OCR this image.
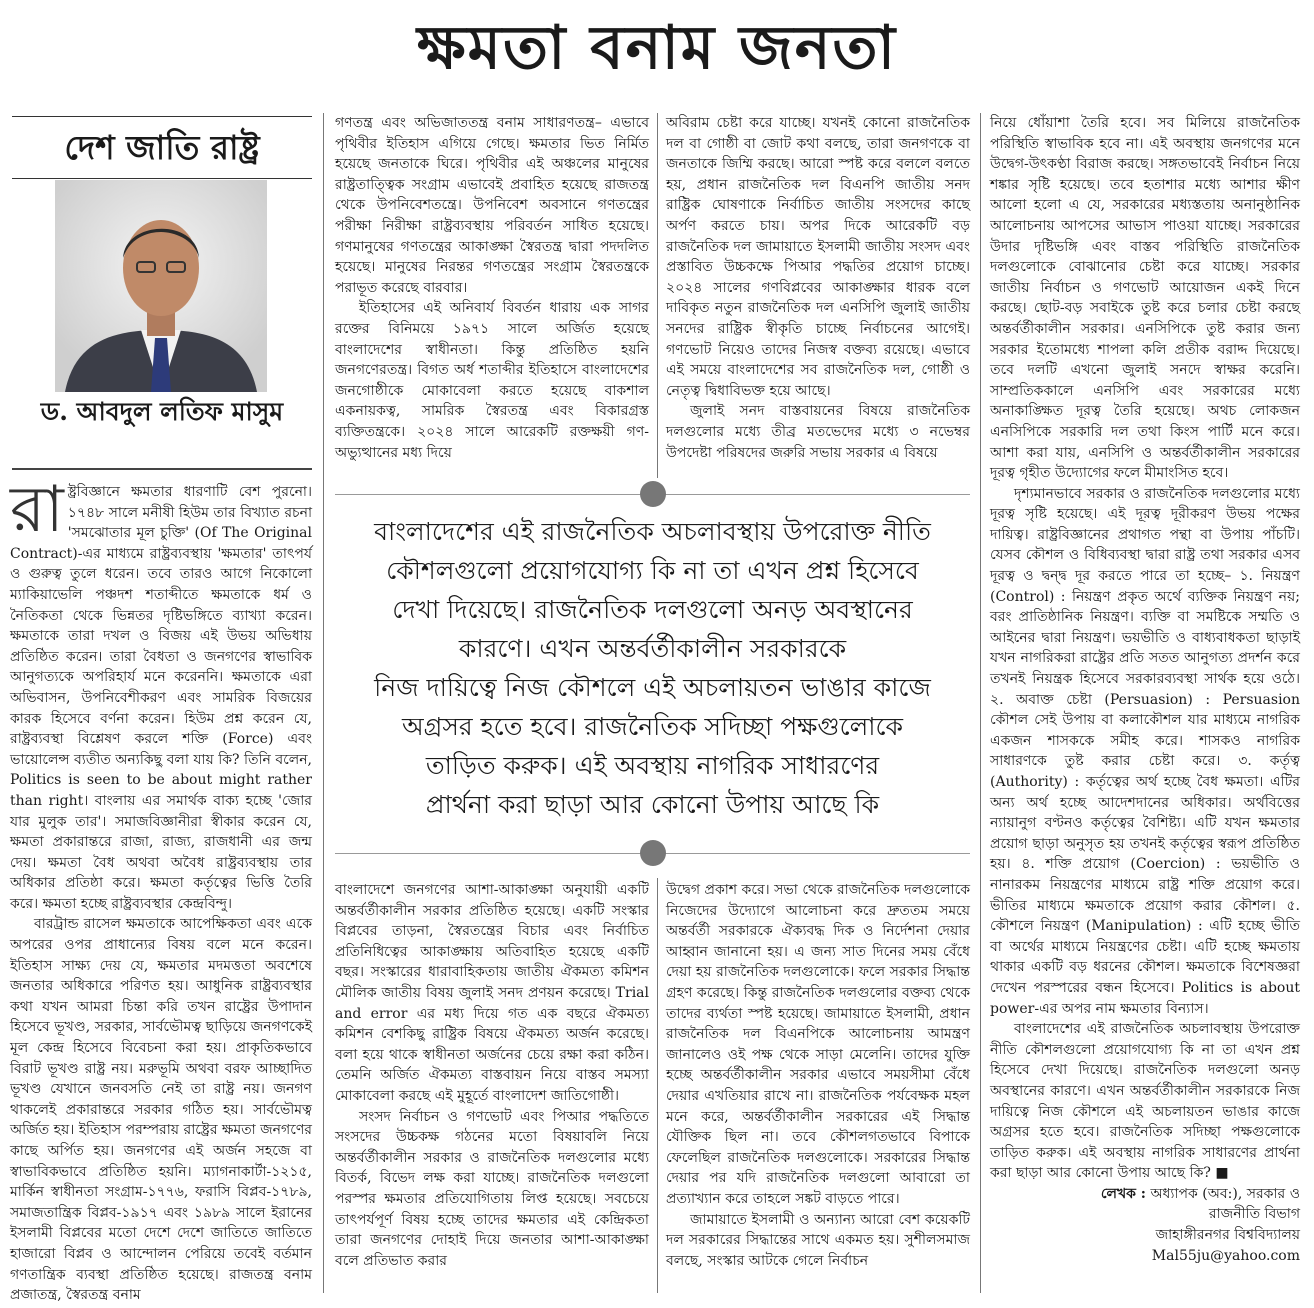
ক্ষমতা বনাম জনতা
দেশ জাতি রাষ্ট্র
ড. আবদুল লতিফ মাসুম

রাষ্ট্রবিজ্ঞানে ক্ষমতার ধারণাটি বেশ পুরনো। ১৭৪৮ সালে মনীষী হিউম তার বিখ্যাত রচনা 'সমঝোতার মূল চুক্তি' (Of The Original Contract)-এর মাধ্যমে রাষ্ট্রব্যবস্থায় 'ক্ষমতার' তাৎপর্য ও গুরুত্ব তুলে ধরেন। তবে তারও আগে নিকোলো ম্যাকিয়াভেলি পঞ্চদশ শতাব্দীতে ক্ষমতাকে ধর্ম ও নৈতিকতা থেকে ভিন্নতর দৃষ্টিভঙ্গিতে ব্যাখ্যা করেন। ক্ষমতাকে তারা দখল ও বিজয় এই উভয় অভিধায় প্রতিষ্ঠিত করেন। তারা বৈধতা ও জনগণের স্বাভাবিক আনুগত্যকে অপরিহার্য মনে করেননি। ক্ষমতাকে এরা অভিবাসন, উপনিবেশীকরণ এবং সামরিক বিজয়ের কারক হিসেবে বর্ণনা করেন। হিউম প্রশ্ন করেন যে, রাষ্ট্রব্যবস্থা বিশ্লেষণ করলে শক্তি (Force) এবং ভায়োলেন্স ব্যতীত অন্যকিছু বলা যায় কি? তিনি বলেন, Politics is seen to be about might rather than right। বাংলায় এর সমার্থক বাক্য হচ্ছে 'জোর যার মুলুক তার'। সমাজবিজ্ঞানীরা স্বীকার করেন যে, ক্ষমতা প্রকারান্তরে রাজা, রাজ্য, রাজধানী এর জন্ম দেয়। ক্ষমতা বৈধ অথবা অবৈধ রাষ্ট্রব্যবস্থায় তার অধিকার প্রতিষ্ঠা করে। ক্ষমতা কর্তৃত্বের ভিত্তি তৈরি করে। ক্ষমতা হচ্ছে রাষ্ট্রব্যবস্থার কেন্দ্রবিন্দু।

বারট্রান্ড রাসেল ক্ষমতাকে আপেক্ষিকতা এবং একে অপরের ওপর প্রাধান্যের বিষয় বলে মনে করেন। ইতিহাস সাক্ষ্য দেয় যে, ক্ষমতার মদমত্ততা অবশেষে জনতার অধিকারে পরিণত হয়। আধুনিক রাষ্ট্রব্যবস্থার কথা যখন আমরা চিন্তা করি তখন রাষ্ট্রের উপাদান হিসেবে ভূখণ্ড, সরকার, সার্বভৌমত্ব ছাড়িয়ে জনগণকেই মূল কেন্দ্র হিসেবে বিবেচনা করা হয়। প্রাকৃতিকভাবে বিরাট ভূখণ্ড রাষ্ট্র নয়। মরুভূমি অথবা বরফ আচ্ছাদিত ভূখণ্ড যেখানে জনবসতি নেই তা রাষ্ট্র নয়। জনগণ থাকলেই প্রকারান্তরে সরকার গঠিত হয়। সার্বভৌমত্ব অর্জিত হয়। ইতিহাস পরম্পরায় রাষ্ট্রের ক্ষমতা জনগণের কাছে অর্পিত হয়। জনগণের এই অর্জন সহজে বা স্বাভাবিকভাবে প্রতিষ্ঠিত হয়নি। ম্যাগনাকার্টা-১২১৫, মার্কিন স্বাধীনতা সংগ্রাম-১৭৭৬, ফরাসি বিপ্লব-১৭৮৯, সমাজতান্ত্রিক বিপ্লব-১৯১৭ এবং ১৯৮৯ সালে ইরানের ইসলামী বিপ্লবের মতো দেশে দেশে জাতিতে জাতিতে হাজারো বিপ্লব ও আন্দোলন পেরিয়ে তবেই বর্তমান গণতান্ত্রিক ব্যবস্থা প্রতিষ্ঠিত হয়েছে। রাজতন্ত্র বনাম প্রজাতন্ত্র, স্বৈরতন্ত্র বনাম

গণতন্ত্র এবং অভিজাততন্ত্র বনাম সাধারণতন্ত্র– এভাবে পৃথিবীর ইতিহাস এগিয়ে গেছে। ক্ষমতার ভিত নির্মিত হয়েছে জনতাকে ঘিরে। পৃথিবীর এই অঞ্চলের মানুষের রাষ্ট্রতাত্ত্বিক সংগ্রাম এভাবেই প্রবাহিত হয়েছে রাজতন্ত্র থেকে উপনিবেশতন্ত্রে। উপনিবেশ অবসানে গণতন্ত্রের পরীক্ষা নিরীক্ষা রাষ্ট্রব্যবস্থায় পরিবর্তন সাধিত হয়েছে। গণমানুষের গণতন্ত্রের আকাঙ্ক্ষা স্বৈরতন্ত্র দ্বারা পদদলিত হয়েছে। মানুষের নিরন্তর গণতন্ত্রের সংগ্রাম স্বৈরতন্ত্রকে পরাভূত করেছে বারবার।

ইতিহাসের এই অনিবার্য বিবর্তন ধারায় এক সাগর রক্তের বিনিময়ে ১৯৭১ সালে অর্জিত হয়েছে বাংলাদেশের স্বাধীনতা। কিন্তু প্রতিষ্ঠিত হয়নি জনগণেরতন্ত্র। বিগত অর্ধ শতাব্দীর ইতিহাসে বাংলাদেশের জনগোষ্ঠীকে মোকাবেলা করতে হয়েছে বাকশাল একনায়কত্ব, সামরিক স্বৈরতন্ত্র এবং বিকারগ্রস্ত ব্যক্তিতন্ত্রকে। ২০২৪ সালে আরেকটি রক্তক্ষয়ী গণ-অভ্যুত্থানের মধ্য দিয়ে

অবিরাম চেষ্টা করে যাচ্ছে। যখনই কোনো রাজনৈতিক দল বা গোষ্ঠী বা জোট কথা বলছে, তারা জনগণকে বা জনতাকে জিম্মি করছে। আরো স্পষ্ট করে বললে বলতে হয়, প্রধান রাজনৈতিক দল বিএনপি জাতীয় সনদ রাষ্ট্রিক ঘোষণাকে নির্বাচিত জাতীয় সংসদের কাছে অর্পণ করতে চায়। অপর দিকে আরেকটি বড় রাজনৈতিক দল জামায়াতে ইসলামী জাতীয় সংসদ এবং প্রস্তাবিত উচ্চকক্ষে পিআর পদ্ধতির প্রয়োগ চাচ্ছে। ২০২৪ সালের গণবিপ্লবের আকাঙ্ক্ষার ধারক বলে দাবিকৃত নতুন রাজনৈতিক দল এনসিপি জুলাই জাতীয় সনদের রাষ্ট্রিক স্বীকৃতি চাচ্ছে নির্বাচনের আগেই। গণভোট নিয়েও তাদের নিজস্ব বক্তব্য রয়েছে। এভাবে এই সময়ে বাংলাদেশের সব রাজনৈতিক দল, গোষ্ঠী ও নেতৃত্ব দ্বিধাবিভক্ত হয়ে আছে।

জুলাই সনদ বাস্তবায়নের বিষয়ে রাজনৈতিক দলগুলোর মধ্যে তীব্র মতভেদের মধ্যে ৩ নভেম্বর উপদেষ্টা পরিষদের জরুরি সভায় সরকার এ বিষয়ে

বাংলাদেশের এই রাজনৈতিক অচলাবস্থায় উপরোক্ত নীতি
কৌশলগুলো প্রয়োগযোগ্য কি না তা এখন প্রশ্ন হিসেবে
দেখা দিয়েছে। রাজনৈতিক দলগুলো অনড় অবস্থানের
কারণে। এখন অন্তর্বর্তীকালীন সরকারকে
নিজ দায়িত্বে নিজ কৌশলে এই অচলায়তন ভাঙার কাজে
অগ্রসর হতে হবে। রাজনৈতিক সদিচ্ছা পক্ষগুলোকে
তাড়িত করুক। এই অবস্থায় নাগরিক সাধারণের
প্রার্থনা করা ছাড়া আর কোনো উপায় আছে কি

বাংলাদেশে জনগণের আশা-আকাঙ্ক্ষা অনুযায়ী একটি অন্তর্বর্তীকালীন সরকার প্রতিষ্ঠিত হয়েছে। একটি সংস্কার বিপ্লবের তাড়না, স্বৈরতন্ত্রের বিচার এবং নির্বাচিত প্রতিনিধিত্বের আকাঙ্ক্ষায় অতিবাহিত হয়েছে একটি বছর। সংস্কারের ধারাবাহিকতায় জাতীয় ঐকমত্য কমিশন মৌলিক জাতীয় বিষয় জুলাই সনদ প্রণয়ন করেছে। Trial and error এর মধ্য দিয়ে গত এক বছরে ঐকমত্য কমিশন বেশকিছু রাষ্ট্রিক বিষয়ে ঐকমত্য অর্জন করেছে। বলা হয়ে থাকে স্বাধীনতা অর্জনের চেয়ে রক্ষা করা কঠিন। তেমনি অর্জিত ঐকমত্য বাস্তবায়ন নিয়ে বাস্তব সমস্যা মোকাবেলা করছে এই মুহূর্তে বাংলাদেশ জাতিগোষ্ঠী।

সংসদ নির্বাচন ও গণভোট এবং পিআর পদ্ধতিতে সংসদের উচ্চকক্ষ গঠনের মতো বিষয়াবলি নিয়ে অন্তর্বর্তীকালীন সরকার ও রাজনৈতিক দলগুলোর মধ্যে বিতর্ক, বিভেদ লক্ষ করা যাচ্ছে। রাজনৈতিক দলগুলো পরস্পর ক্ষমতার প্রতিযোগিতায় লিপ্ত হয়েছে। সবচেয়ে তাৎপর্যপূর্ণ বিষয় হচ্ছে তাদের ক্ষমতার এই কেন্দ্রিকতা তারা জনগণের দোহাই দিয়ে জনতার আশা-আকাঙ্ক্ষা বলে প্রতিভাত করার

উদ্বেগ প্রকাশ করে। সভা থেকে রাজনৈতিক দলগুলোকে নিজেদের উদ্যোগে আলোচনা করে দ্রুততম সময়ে অন্তর্বর্তী সরকারকে ঐক্যবদ্ধ দিক ও নির্দেশনা দেয়ার আহ্বান জানানো হয়। এ জন্য সাত দিনের সময় বেঁধে দেয়া হয় রাজনৈতিক দলগুলোকে। ফলে সরকার সিদ্ধান্ত গ্রহণ করেছে। কিন্তু রাজনৈতিক দলগুলোর বক্তব্য থেকে তাদের ব্যর্থতা স্পষ্ট হয়েছে। জামায়াতে ইসলামী, প্রধান রাজনৈতিক দল বিএনপিকে আলোচনায় আমন্ত্রণ জানালেও ওই পক্ষ থেকে সাড়া মেলেনি। তাদের যুক্তি হচ্ছে অন্তর্বর্তীকালীন সরকার এভাবে সময়সীমা বেঁধে দেয়ার এখতিয়ার রাখে না। রাজনৈতিক পর্যবেক্ষক মহল মনে করে, অন্তর্বর্তীকালীন সরকারের এই সিদ্ধান্ত যৌক্তিক ছিল না। তবে কৌশলগতভাবে বিপাকে ফেলেছিল রাজনৈতিক দলগুলোকে। সরকারের সিদ্ধান্ত দেয়ার পর যদি রাজনৈতিক দলগুলো আবারো তা প্রত্যাখ্যান করে তাহলে সঙ্কট বাড়তে পারে।

জামায়াতে ইসলামী ও অন্যান্য আরো বেশ কয়েকটি দল সরকারের সিদ্ধান্তের সাথে একমত হয়। সুশীলসমাজ বলছে, সংস্কার আটকে গেলে নির্বাচন

নিয়ে ধোঁয়াশা তৈরি হবে। সব মিলিয়ে রাজনৈতিক পরিস্থিতি স্বাভাবিক হবে না। এই অবস্থায় জনগণের মনে উদ্বেগ-উৎকণ্ঠা বিরাজ করছে। সঙ্গতভাবেই নির্বাচন নিয়ে শঙ্কার সৃষ্টি হয়েছে। তবে হতাশার মধ্যে আশার ক্ষীণ আলো হলো এ যে, সরকারের মধ্যস্ততায় অনানুষ্ঠানিক আলোচনায় আপসের আভাস পাওয়া যাচ্ছে। সরকারের উদার দৃষ্টিভঙ্গি এবং বাস্তব পরিস্থিতি রাজনৈতিক দলগুলোকে বোঝানোর চেষ্টা করে যাচ্ছে। সরকার জাতীয় নির্বাচন ও গণভোট আয়োজন একই দিনে করছে। ছোট-বড় সবাইকে তুষ্ট করে চলার চেষ্টা করছে অন্তর্বর্তীকালীন সরকার। এনসিপিকে তুষ্ট করার জন্য সরকার ইতোমধ্যে শাপলা কলি প্রতীক বরাদ্দ দিয়েছে। তবে দলটি এখনো জুলাই সনদে স্বাক্ষর করেনি। সাম্প্রতিককালে এনসিপি এবং সরকারের মধ্যে অনাকাঙ্ক্ষিত দূরত্ব তৈরি হয়েছে। অথচ লোকজন এনসিপিকে সরকারি দল তথা কিংস পার্টি মনে করে। আশা করা যায়, এনসিপি ও অন্তর্বর্তীকালীন সরকারের দূরত্ব গৃহীত উদ্যোগের ফলে মীমাংসিত হবে।

দৃশ্যমানভাবে সরকার ও রাজনৈতিক দলগুলোর মধ্যে দূরত্ব সৃষ্টি হয়েছে। এই দূরত্ব দূরীকরণ উভয় পক্ষের দায়িত্ব। রাষ্ট্রবিজ্ঞানের প্রথাগত পন্থা বা উপায় পাঁচটি। যেসব কৌশল ও বিধিব্যবস্থা দ্বারা রাষ্ট্র তথা সরকার এসব দূরত্ব ও দ্বন্দ্ব দূর করতে পারে তা হচ্ছে– ১. নিয়ন্ত্রণ (Control) : নিয়ন্ত্রণ প্রকৃত অর্থে ব্যক্তিক নিয়ন্ত্রণ নয়; বরং প্রাতিষ্ঠানিক নিয়ন্ত্রণ। ব্যক্তি বা সমষ্টিকে সম্মতি ও আইনের দ্বারা নিয়ন্ত্রণ। ভয়ভীতি ও বাধ্যবাধকতা ছাড়াই যখন নাগরিকরা রাষ্ট্রের প্রতি সতত আনুগত্য প্রদর্শন করে তখনই নিয়ন্ত্রক হিসেবে সরকারব্যবস্থা সার্থক হয়ে ওঠে। ২. অবাক্ত চেষ্টা (Persuasion) : Persuasion কৌশল সেই উপায় বা কলাকৌশল যার মাধ্যমে নাগরিক একজন শাসককে সমীহ করে। শাসকও নাগরিক সাধারণকে তুষ্ট করার চেষ্টা করে। ৩. কর্তৃত্ব (Authority) : কর্তৃত্বের অর্থ হচ্ছে বৈধ ক্ষমতা। এটির অন্য অর্থ হচ্ছে আদেশদানের অধিকার। অর্থবিত্তের ন্যায়ানুগ বণ্টনও কর্তৃত্বের বৈশিষ্ট্য। এটি যখন ক্ষমতার প্রয়োগ ছাড়া অনুসৃত হয় তখনই কর্তৃত্বের স্বরূপ প্রতিষ্ঠিত হয়। ৪. শক্তি প্রয়োগ (Coercion) : ভয়ভীতি ও নানারকম নিয়ন্ত্রণের মাধ্যমে রাষ্ট্র শক্তি প্রয়োগ করে। ভীতির মাধ্যমে ক্ষমতাকে প্রয়োগ করার কৌশল। ৫. কৌশলে নিয়ন্ত্রণ (Manipulation) : এটি হচ্ছে ভীতি বা অর্থের মাধ্যমে নিয়ন্ত্রণের চেষ্টা। এটি হচ্ছে ক্ষমতায় থাকার একটি বড় ধরনের কৌশল। ক্ষমতাকে বিশেষজ্ঞরা দেখেন পরস্পরের বন্ধন হিসেবে। Politics is about power-এর অপর নাম ক্ষমতার বিন্যাস।

বাংলাদেশের এই রাজনৈতিক অচলাবস্থায় উপরোক্ত নীতি কৌশলগুলো প্রয়োগযোগ্য কি না তা এখন প্রশ্ন হিসেবে দেখা দিয়েছে। রাজনৈতিক দলগুলো অনড় অবস্থানের কারণে। এখন অন্তর্বর্তীকালীন সরকারকে নিজ দায়িত্বে নিজ কৌশলে এই অচলায়তন ভাঙার কাজে অগ্রসর হতে হবে। রাজনৈতিক সদিচ্ছা পক্ষগুলোকে তাড়িত করুক। এই অবস্থায় নাগরিক সাধারণের প্রার্থনা করা ছাড়া আর কোনো উপায় আছে কি? ■

লেখক : অধ্যাপক (অব:), সরকার ও
রাজনীতি বিভাগ
জাহাঙ্গীরনগর বিশ্ববিদ্যালয়
Mal55ju@yahoo.com
